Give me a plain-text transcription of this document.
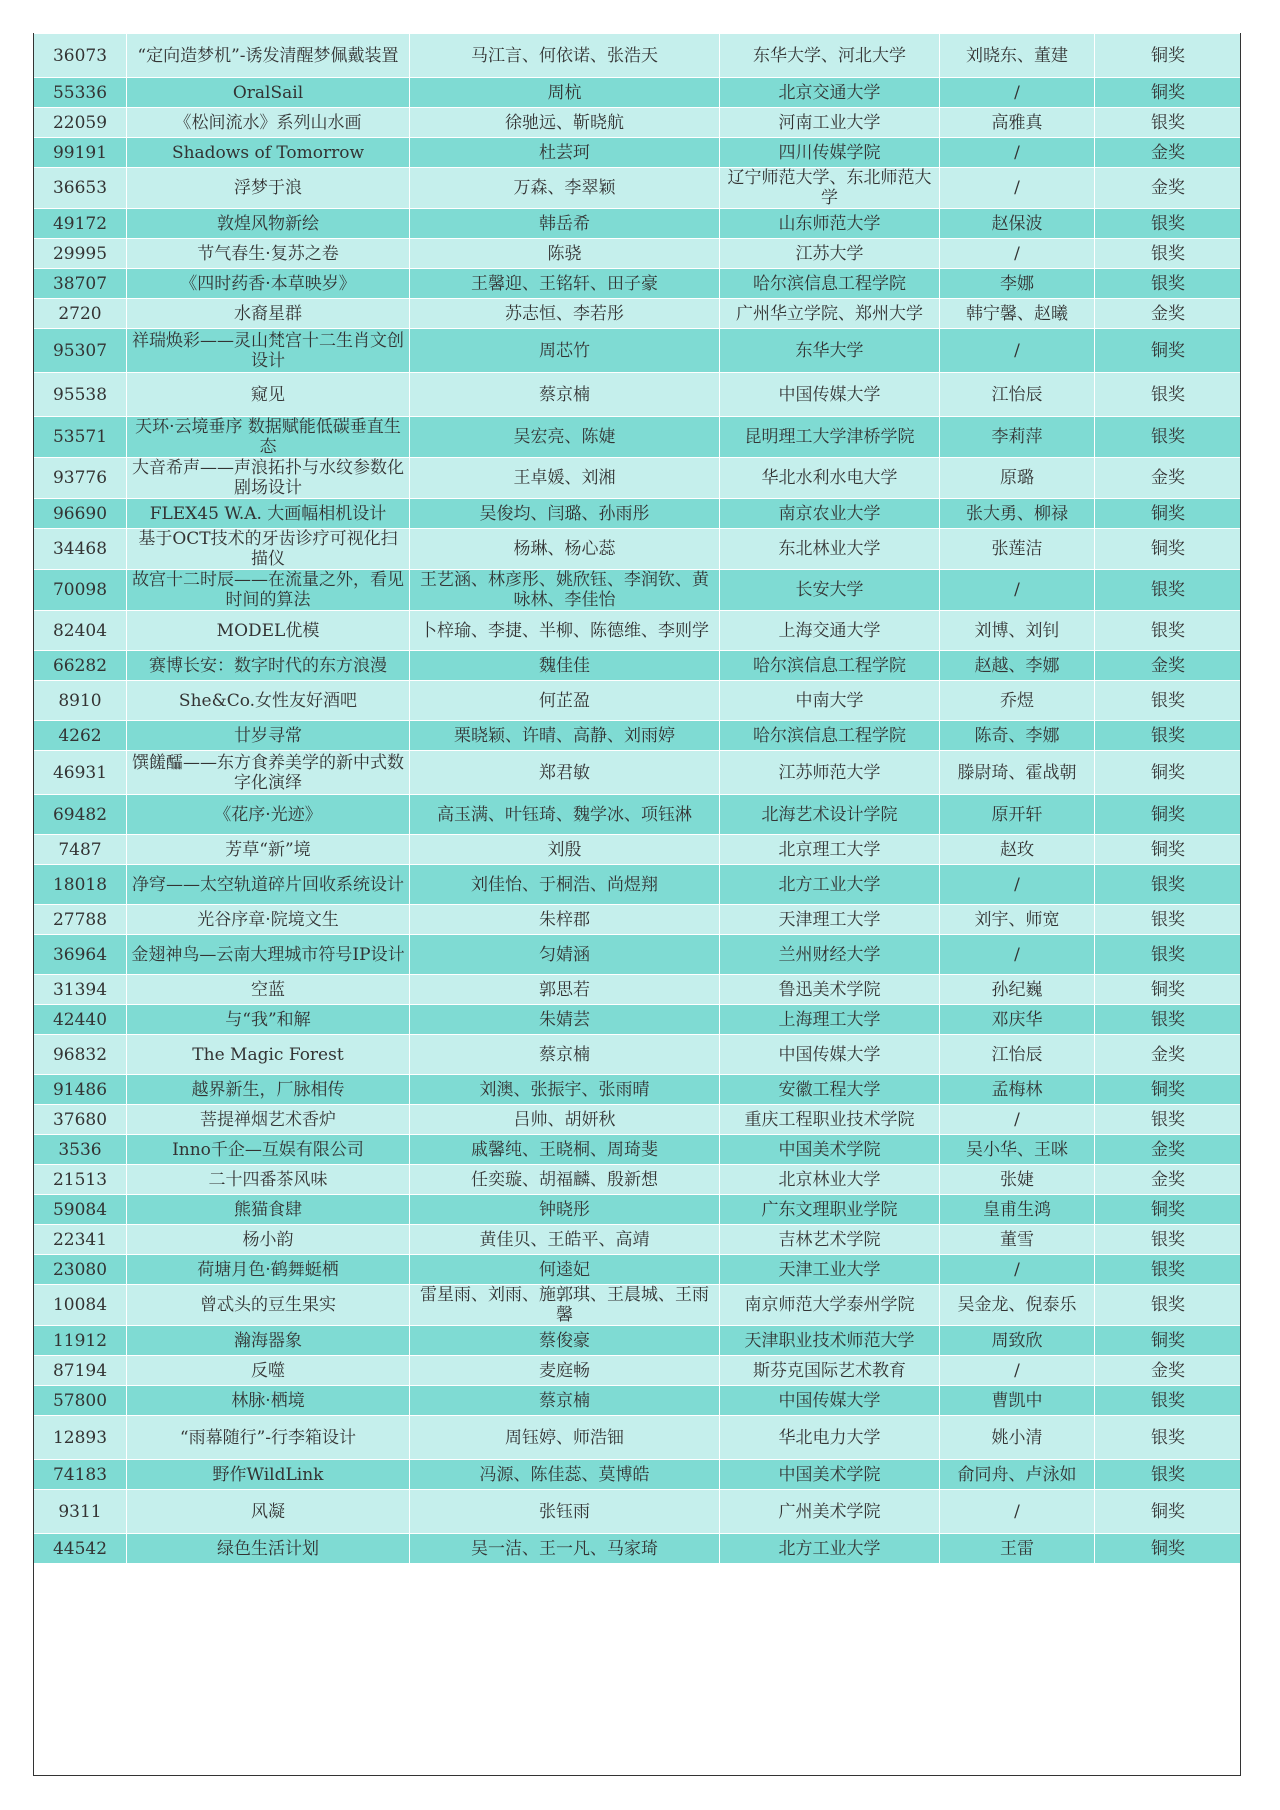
36073	“定向造梦机”-诱发清醒梦佩戴装置	马江言、何依诺、张浩天	东华大学、河北大学	刘晓东、董建	铜奖
55336	OralSail	周杭	北京交通大学	/	铜奖
22059	《松间流水》系列山水画	徐驰远、靳晓航	河南工业大学	高雅真	银奖
99191	Shadows of Tomorrow	杜芸珂	四川传媒学院	/	金奖
36653	浮梦于浪	万森、李翠颖	辽宁师范大学、东北师范大学	/	金奖
49172	敦煌风物新绘	韩岳希	山东师范大学	赵保波	银奖
29995	节气春生·复苏之卷	陈骁	江苏大学	/	银奖
38707	《四时药香·本草映岁》	王馨迎、王铭轩、田子豪	哈尔滨信息工程学院	李娜	银奖
2720	水裔星群	苏志恒、李若彤	广州华立学院、郑州大学	韩宁馨、赵曦	金奖
95307	祥瑞焕彩——灵山梵宫十二生肖文创设计	周芯竹	东华大学	/	铜奖
95538	窥见	蔡京楠	中国传媒大学	江怡辰	银奖
53571	天环·云境垂序 数据赋能低碳垂直生态	吴宏亮、陈婕	昆明理工大学津桥学院	李莉萍	银奖
93776	大音希声——声浪拓扑与水纹参数化剧场设计	王卓媛、刘湘	华北水利水电大学	原璐	金奖
96690	FLEX45 W.A. 大画幅相机设计	吴俊均、闫璐、孙雨彤	南京农业大学	张大勇、柳禄	铜奖
34468	基于OCT技术的牙齿诊疗可视化扫描仪	杨琳、杨心蕊	东北林业大学	张莲洁	铜奖
70098	故宫十二时辰——在流量之外，看见时间的算法	王艺涵、林彦彤、姚欣钰、李润钦、黄咏林、李佳怡	长安大学	/	银奖
82404	MODEL优模	卜梓瑜、李捷、半柳、陈德维、李则学	上海交通大学	刘博、刘钊	银奖
66282	赛博长安：数字时代的东方浪漫	魏佳佳	哈尔滨信息工程学院	赵越、李娜	金奖
8910	She&Co.女性友好酒吧	何芷盈	中南大学	乔煜	银奖
4262	廿岁寻常	栗晓颖、许晴、高静、刘雨婷	哈尔滨信息工程学院	陈奇、李娜	银奖
46931	馔饈醽——东方食养美学的新中式数字化演绎	郑君敏	江苏师范大学	滕尉琦、霍战朝	铜奖
69482	《花序·光迹》	高玉满、叶钰琦、魏学冰、项钰淋	北海艺术设计学院	原开轩	铜奖
7487	芳草“新”境	刘殷	北京理工大学	赵玫	铜奖
18018	净穹——太空轨道碎片回收系统设计	刘佳怡、于桐浩、尚煜翔	北方工业大学	/	银奖
27788	光谷序章·院境文生	朱梓郡	天津理工大学	刘宇、师宽	银奖
36964	金翅神鸟—云南大理城市符号IP设计	匀婧涵	兰州财经大学	/	银奖
31394	空蓝	郭思若	鲁迅美术学院	孙纪巍	铜奖
42440	与“我”和解	朱婧芸	上海理工大学	邓庆华	银奖
96832	The Magic Forest	蔡京楠	中国传媒大学	江怡辰	金奖
91486	越界新生，厂脉相传	刘澳、张振宇、张雨晴	安徽工程大学	孟梅林	铜奖
37680	菩提禅烟艺术香炉	吕帅、胡妍秋	重庆工程职业技术学院	/	银奖
3536	Inno千企—互娱有限公司	戚馨纯、王晓桐、周琦斐	中国美术学院	吴小华、王咪	金奖
21513	二十四番茶风味	任奕璇、胡福麟、殷新想	北京林业大学	张婕	金奖
59084	熊猫食肆	钟晓彤	广东文理职业学院	皇甫生鸿	铜奖
22341	杨小韵	黄佳贝、王皓平、高靖	吉林艺术学院	董雪	银奖
23080	荷塘月色·鹤舞蜓栖	何逵妃	天津工业大学	/	银奖
10084	曾忒头的豆生果实	雷星雨、刘雨、施郭琪、王晨城、王雨馨	南京师范大学泰州学院	吴金龙、倪泰乐	银奖
11912	瀚海器象	蔡俊豪	天津职业技术师范大学	周致欣	铜奖
87194	反噬	麦庭畅	斯芬克国际艺术教育	/	金奖
57800	林脉·栖境	蔡京楠	中国传媒大学	曹凯中	银奖
12893	“雨幕随行”-行李箱设计	周钰婷、师浩钿	华北电力大学	姚小清	银奖
74183	野作WildLink	冯源、陈佳蕊、莫博皓	中国美术学院	俞同舟、卢泳如	银奖
9311	风凝	张钰雨	广州美术学院	/	铜奖
44542	绿色生活计划	吴一洁、王一凡、马家琦	北方工业大学	王雷	铜奖
